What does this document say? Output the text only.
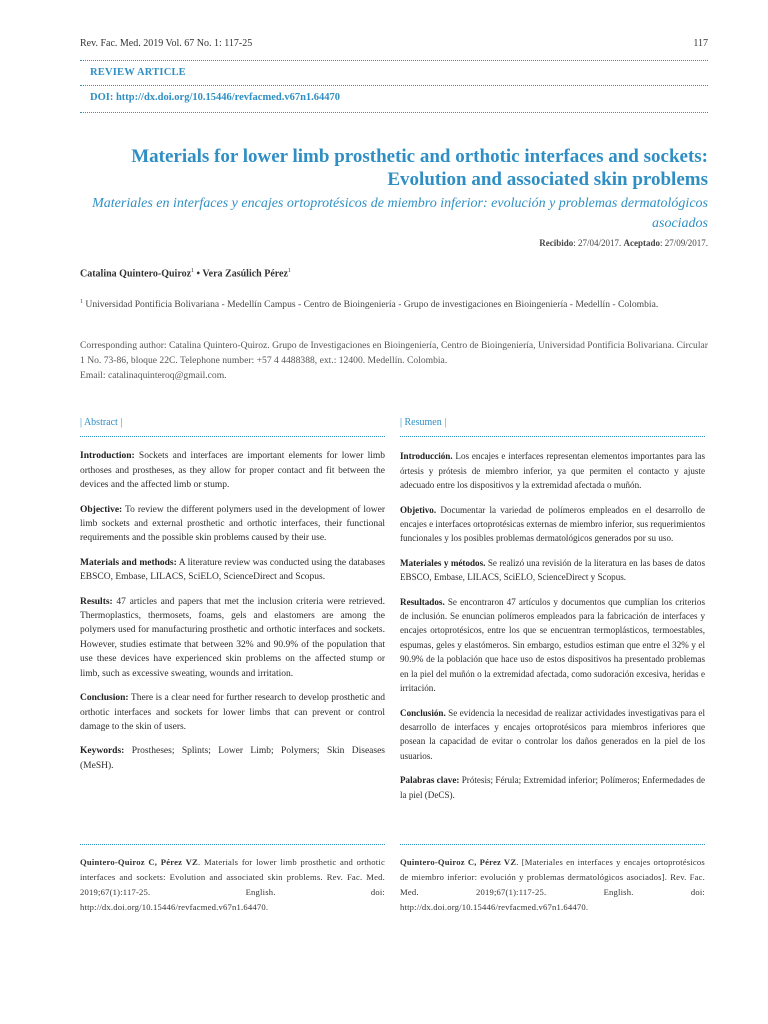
Rev. Fac. Med. 2019 Vol. 67 No. 1: 117-25	117
REVIEW ARTICLE
DOI: http://dx.doi.org/10.15446/revfacmed.v67n1.64470
Materials for lower limb prosthetic and orthotic interfaces and sockets: Evolution and associated skin problems
Materiales en interfaces y encajes ortoprotésicos de miembro inferior: evolución y problemas dermatológicos asociados
Recibido: 27/04/2017. Aceptado: 27/09/2017.
Catalina Quintero-Quiroz$^1$ • Vera Zasúlich Pérez$^1$
$^1$ Universidad Pontificia Bolivariana - Medellín Campus - Centro de Bioingeniería - Grupo de investigaciones en Bioingeniería - Medellín - Colombia.
Corresponding author: Catalina Quintero-Quiroz. Grupo de Investigaciones en Bioingeniería, Centro de Bioingeniería, Universidad Pontificia Bolivariana. Circular 1 No. 73-86, bloque 22C. Telephone number: +57 4 4488388, ext.: 12400. Medellín. Colombia.
Email: catalinaquinteroq@gmail.com.
| Abstract |

Introduction: Sockets and interfaces are important elements for lower limb orthoses and prostheses, as they allow for proper contact and fit between the devices and the affected limb or stump.

Objective: To review the different polymers used in the development of lower limb sockets and external prosthetic and orthotic interfaces, their functional requirements and the possible skin problems caused by their use.

Materials and methods: A literature review was conducted using the databases EBSCO, Embase, LILACS, SciELO, ScienceDirect and Scopus.

Results: 47 articles and papers that met the inclusion criteria were retrieved. Thermoplastics, thermosets, foams, gels and elastomers are among the polymers used for manufacturing prosthetic and orthotic interfaces and sockets. However, studies estimate that between 32% and 90.9% of the population that use these devices have experienced skin problems on the affected stump or limb, such as excessive sweating, wounds and irritation.

Conclusion: There is a clear need for further research to develop prosthetic and orthotic interfaces and sockets for lower limbs that can prevent or control damage to the skin of users.

Keywords: Prostheses; Splints; Lower Limb; Polymers; Skin Diseases (MeSH).

| Resumen |

Introducción. Los encajes e interfaces representan elementos importantes para las órtesis y prótesis de miembro inferior, ya que permiten el contacto y ajuste adecuado entre los dispositivos y la extremidad afectada o muñón.

Objetivo. Documentar la variedad de polímeros empleados en el desarrollo de encajes e interfaces ortoprotésicas externas de miembro inferior, sus requerimientos funcionales y los posibles problemas dermatológicos generados por su uso.

Materiales y métodos. Se realizó una revisión de la literatura en las bases de datos EBSCO, Embase, LILACS, SciELO, ScienceDirect y Scopus.

Resultados. Se encontraron 47 artículos y documentos que cumplían los criterios de inclusión. Se enuncian polímeros empleados para la fabricación de interfaces y encajes ortoprotésicos, entre los que se encuentran termoplásticos, termoestables, espumas, geles y elastómeros. Sin embargo, estudios estiman que entre el 32% y el 90.9% de la población que hace uso de estos dispositivos ha presentado problemas en la piel del muñón o la extremidad afectada, como sudoración excesiva, heridas e irritación.

Conclusión. Se evidencia la necesidad de realizar actividades investigativas para el desarrollo de interfaces y encajes ortoprotésicos para miembros inferiores que posean la capacidad de evitar o controlar los daños generados en la piel de los usuarios.

Palabras clave: Prótesis; Férula; Extremidad inferior; Polímeros; Enfermedades de la piel (DeCS).

Quintero-Quiroz C, Pérez VZ. Materials for lower limb prosthetic and orthotic interfaces and sockets: Evolution and associated skin problems. Rev. Fac. Med. 2019;67(1):117-25. English. doi: http://dx.doi.org/10.15446/revfacmed.v67n1.64470.
Quintero-Quiroz C, Pérez VZ. [Materiales en interfaces y encajes ortoprotésicos de miembro inferior: evolución y problemas dermatológicos asociados]. Rev. Fac. Med. 2019;67(1):117-25. English. doi: http://dx.doi.org/10.15446/revfacmed.v67n1.64470.
